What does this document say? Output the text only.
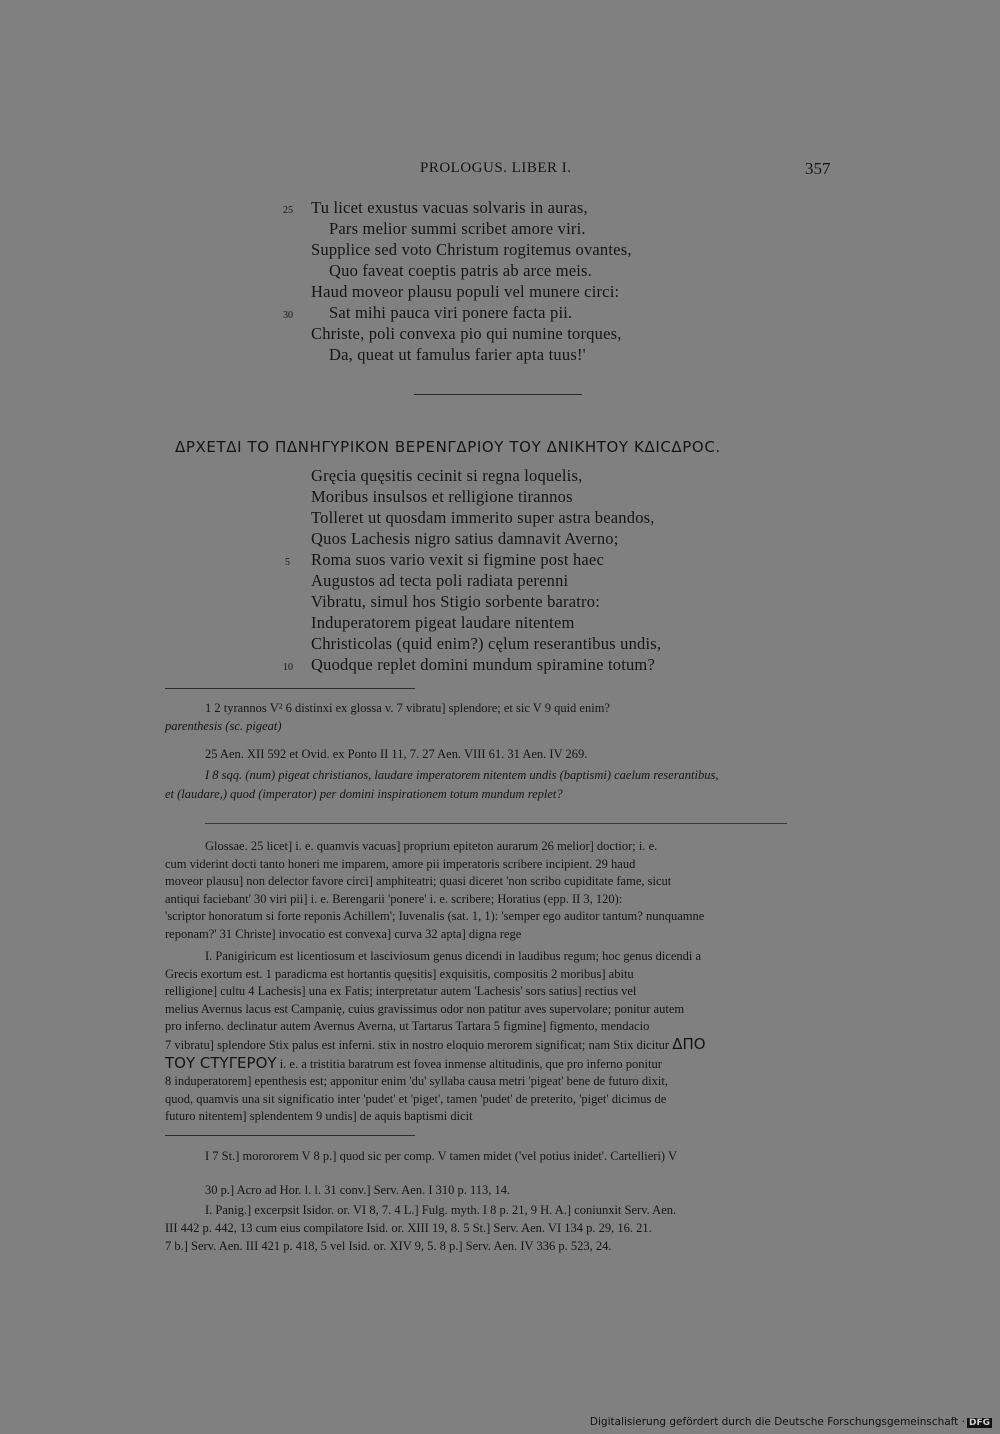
PROLOGUS. LIBER I.	357
25 Tu licet exustus vacuas solvaris in auras,
Pars melior summi scribet amore viri.
Supplice sed voto Christum rogitemus ovantes,
Quo faveat coeptis patris ab arce meis.
Haud moveor plausu populi vel munere circi:
30 Sat mihi pauca viri ponere facta pii.
Christe, poli convexa pio qui numine torques,
Da, queat ut famulus farier apta tuus!'
ΔΡΧΕΤΔΙ ΤΟ ΠΔΝΗΓΥΡΙΚΟΝ ΒΕΡΕΝΓΔΡΙΟΥ ΤΟΥ ΔΝΙΚΗΤΟΥ ΚΔΙCΔΡΟC.
Gręcia quęsitis cecinit si regna loquelis,
Moribus insulsos et relligione tirannos
Tolleret ut quosdam immerito super astra beandos,
Quos Lachesis nigro satius damnavit Averno;
5 Roma suos vario vexit si figmine post haec
Augustos ad tecta poli radiata perenni
Vibratu, simul hos Stigio sorbente baratro:
Induperatorem pigeat laudare nitentem
Christicolas (quid enim?) cęlum reserantibus undis,
10 Quodque replet domini mundum spiramine totum?
1 2 tyrannos V² 6 distinxi ex glossa v. 7 vibratu] splendore; et sic V 9 quid enim?
parenthesis (sc. pigeat)
25 Aen. XII 592 et Ovid. ex Ponto II 11, 7. 27 Aen. VIII 61. 31 Aen. IV 269.
I 8 sqq. (num) pigeat christianos, laudare imperatorem nitentem undis (baptismi) caelum reserantibus,
et (laudare,) quod (imperator) per domini inspirationem totum mundum replet?
Glossae. 25 licet] i. e. quamvis vacuas] proprium epiteton aurarum 26 melior] doctior; i. e.
cum viderint docti tanto honeri me imparem, amore pii imperatoris scribere incipient. 29 haud
moveor plausu] non delector favore circi] amphiteatri; quasi diceret 'non scribo cupiditate fame, sicut
antiqui faciebant' 30 viri pii] i. e. Berengarii 'ponere' i. e. scribere; Horatius (epp. II 3, 120):
'scriptor honoratum si forte reponis Achillem'; Iuvenalis (sat. 1, 1): 'semper ego auditor tantum? nunquamne
reponam?' 31 Christe] invocatio est convexa] curva 32 apta] digna rege
I. Panigiricum est licentiosum et lasciviosum genus dicendi in laudibus regum; hoc genus dicendi a
Grecis exortum est. 1 paradicma est hortantis quęsitis] exquisitis, compositis 2 moribus] abitu
relligione] cultu 4 Lachesis] una ex Fatis; interpretatur autem 'Lachesis' sors satius] rectius vel
melius Avernus lacus est Campanię, cuius gravissimus odor non patitur aves supervolare; ponitur autem
pro inferno. declinatur autem Avernus Averna, ut Tartarus Tartara 5 figmine] figmento, mendacio
7 vibratu] splendore Stix palus est inferni. stix in nostro eloquio merorem significat; nam Stix dicitur ΔΠΟ
ΤΟΥ CΤΥΓΕΡΟΥ i. e. a tristitia baratrum est fovea inmense altitudinis, que pro inferno ponitur
8 induperatorem] epenthesis est; apponitur enim 'du' syllaba causa metri 'pigeat' bene de futuro dixit,
quod, quamvis una sit significatio inter 'pudet' et 'piget', tamen 'pudet' de preterito, 'piget' dicimus de
futuro nitentem] splendentem 9 undis] de aquis baptismi dicit
I 7 St.] morororem V 8 p.] quod sic per comp. V tamen midet ('vel potius inidet'. Cartellieri) V
30 p.] Acro ad Hor. l. l. 31 conv.] Serv. Aen. I 310 p. 113, 14.
I. Panig.] excerpsit Isidor. or. VI 8, 7. 4 L.] Fulg. myth. I 8 p. 21, 9 H. A.] coniunxit Serv. Aen.
III 442 p. 442, 13 cum eius compilatore Isid. or. XIII 19, 8. 5 St.] Serv. Aen. VI 134 p. 29, 16. 21.
7 b.] Serv. Aen. III 421 p. 418, 5 vel Isid. or. XIV 9, 5. 8 p.] Serv. Aen. IV 336 p. 523, 24.
Digitalisierung gefördert durch die Deutsche Forschungsgemeinschaft · DFG
